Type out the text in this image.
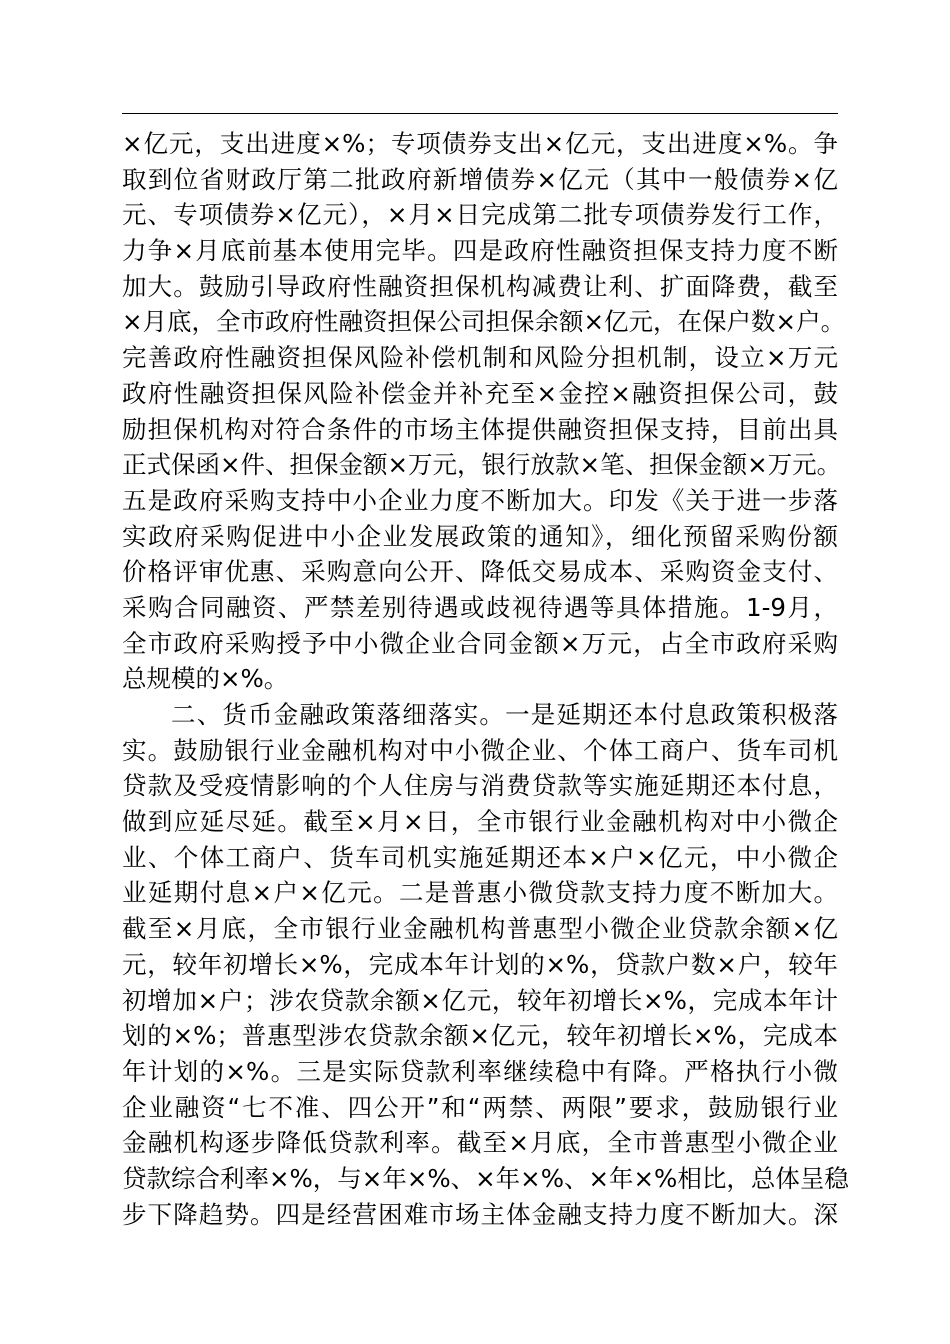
×亿元，支出进度×%；专项债券支出×亿元，支出进度×%。争
取到位省财政厅第二批政府新增债券×亿元（其中一般债券×亿
元、专项债券×亿元），×月×日完成第二批专项债券发行工作，
力争×月底前基本使用完毕。四是政府性融资担保支持力度不断
加大。鼓励引导政府性融资担保机构减费让利、扩面降费，截至
×月底，全市政府性融资担保公司担保余额×亿元，在保户数×户。
完善政府性融资担保风险补偿机制和风险分担机制，设立×万元
政府性融资担保风险补偿金并补充至×金控×融资担保公司，鼓
励担保机构对符合条件的市场主体提供融资担保支持，目前出具
正式保函×件、担保金额×万元，银行放款×笔、担保金额×万元。
五是政府采购支持中小企业力度不断加大。印发《关于进一步落
实政府采购促进中小企业发展政策的通知》，细化预留采购份额
价格评审优惠、采购意向公开、降低交易成本、采购资金支付、
采购合同融资、严禁差别待遇或歧视待遇等具体措施。1-9月，
全市政府采购授予中小微企业合同金额×万元，占全市政府采购
总规模的×%。
二、货币金融政策落细落实。一是延期还本付息政策积极落
实。鼓励银行业金融机构对中小微企业、个体工商户、货车司机
贷款及受疫情影响的个人住房与消费贷款等实施延期还本付息，
做到应延尽延。截至×月×日，全市银行业金融机构对中小微企
业、个体工商户、货车司机实施延期还本×户×亿元，中小微企
业延期付息×户×亿元。二是普惠小微贷款支持力度不断加大。
截至×月底，全市银行业金融机构普惠型小微企业贷款余额×亿
元，较年初增长×%，完成本年计划的×%，贷款户数×户，较年
初增加×户；涉农贷款余额×亿元，较年初增长×%，完成本年计
划的×%；普惠型涉农贷款余额×亿元，较年初增长×%，完成本
年计划的×%。三是实际贷款利率继续稳中有降。严格执行小微
企业融资“七不准、四公开”和“两禁、两限”要求，鼓励银行业
金融机构逐步降低贷款利率。截至×月底，全市普惠型小微企业
贷款综合利率×%，与×年×%、×年×%、×年×%相比，总体呈稳
步下降趋势。四是经营困难市场主体金融支持力度不断加大。深
